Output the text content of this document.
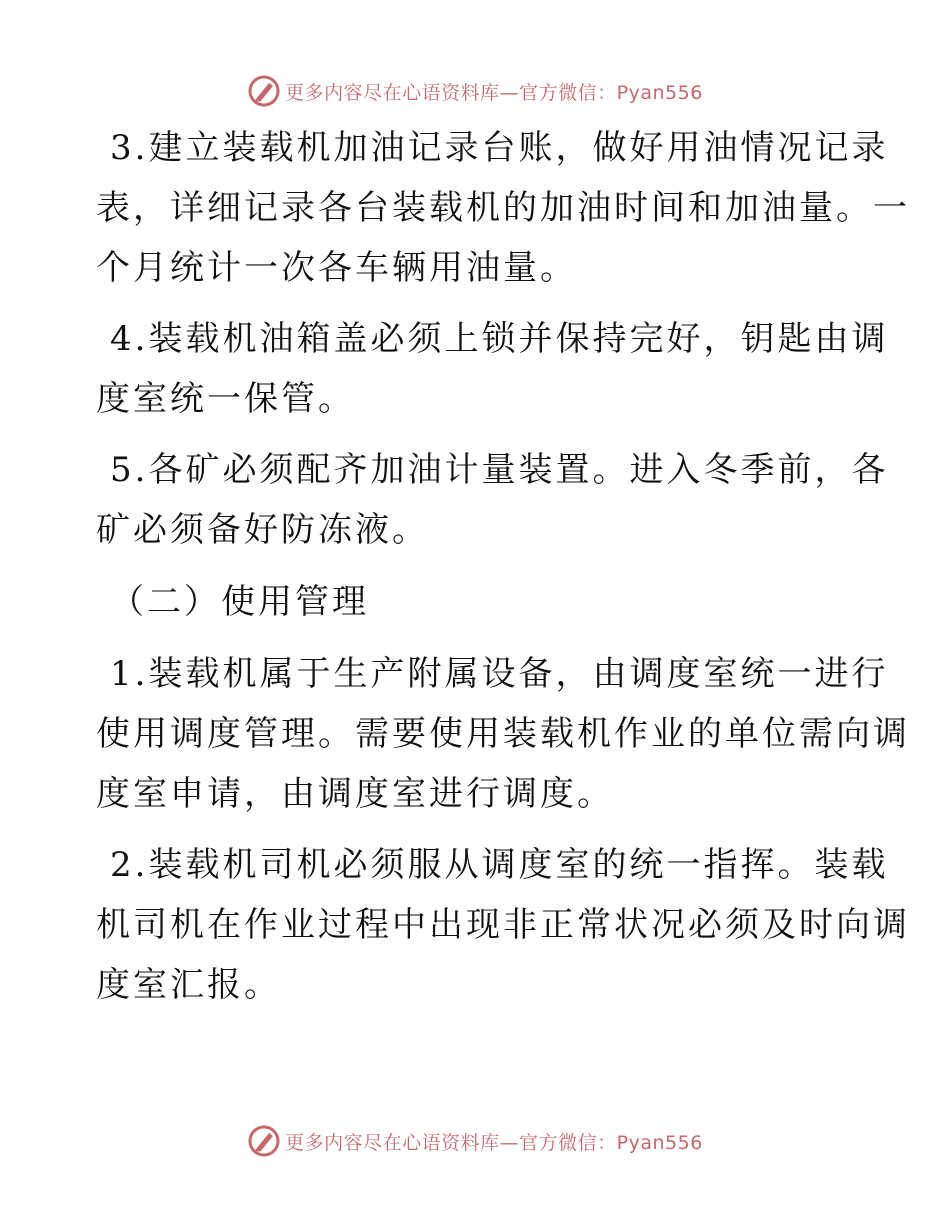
更多内容尽在心语资料库—官方微信：Pyan556
3.建立装载机加油记录台账，做好用油情况记录
表，详细记录各台装载机的加油时间和加油量。一
个月统计一次各车辆用油量。
4.装载机油箱盖必须上锁并保持完好，钥匙由调
度室统一保管。
5.各矿必须配齐加油计量装置。进入冬季前，各
矿必须备好防冻液。
（二）使用管理
1.装载机属于生产附属设备，由调度室统一进行
使用调度管理。需要使用装载机作业的单位需向调
度室申请，由调度室进行调度。
2.装载机司机必须服从调度室的统一指挥。装载
机司机在作业过程中出现非正常状况必须及时向调
度室汇报。
更多内容尽在心语资料库—官方微信：Pyan556
